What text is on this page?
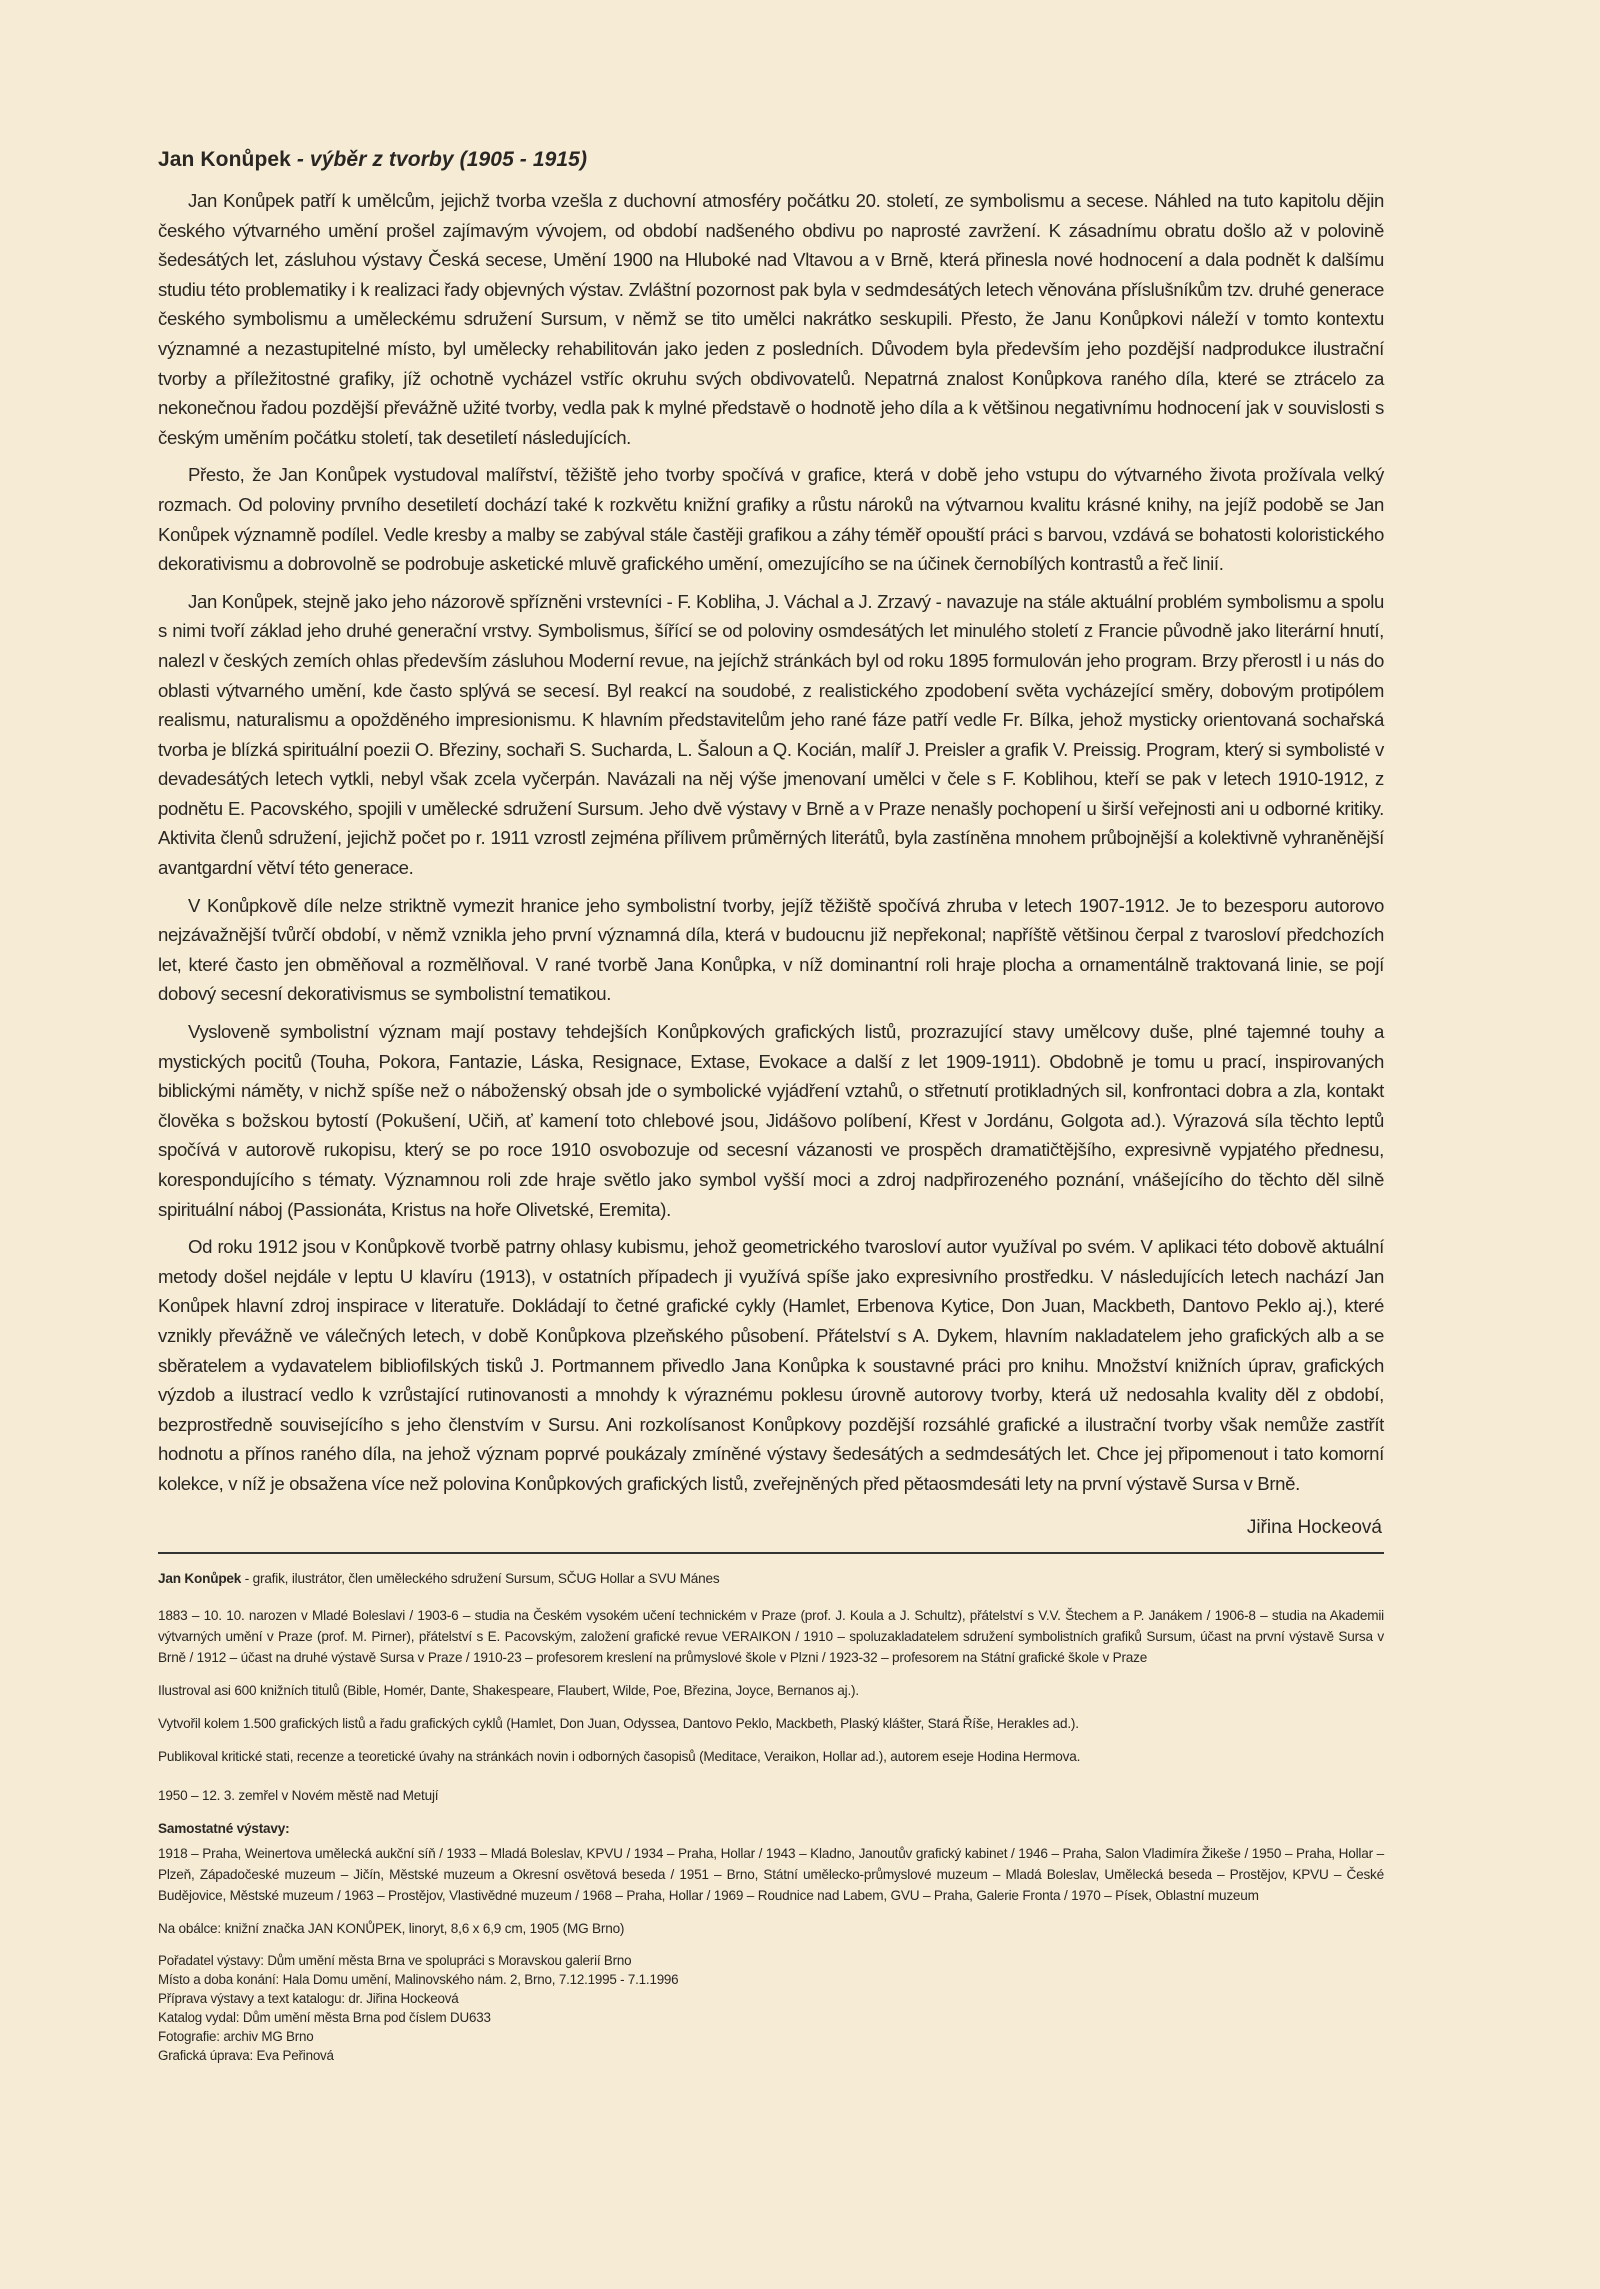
Jan Konůpek - výběr z tvorby (1905 - 1915)

Jan Konůpek patří k umělcům, jejichž tvorba vzešla z duchovní atmosféry počátku 20. století, ze symbolismu a secese. Náhled na tuto kapitolu dějin českého výtvarného umění prošel zajímavým vývojem, od období nadšeného obdivu po naprosté zavržení. K zásadnímu obratu došlo až v polovině šedesátých let, zásluhou výstavy Česká secese, Umění 1900 na Hluboké nad Vltavou a v Brně, která přinesla nové hodnocení a dala podnět k dalšímu studiu této problematiky i k realizaci řady objevných výstav. Zvláštní pozornost pak byla v sedmdesátých letech věnována příslušníkům tzv. druhé generace českého symbolismu a uměleckému sdružení Sursum, v němž se tito umělci nakrátko seskupili. Přesto, že Janu Konůpkovi náleží v tomto kontextu významné a nezastupitelné místo, byl umělecky rehabilitován jako jeden z posledních. Důvodem byla především jeho pozdější nadprodukce ilustrační tvorby a příležitostné grafiky, jíž ochotně vycházel vstříc okruhu svých obdivovatelů. Nepatrná znalost Konůpkova raného díla, které se ztrácelo za nekonečnou řadou pozdější převážně užité tvorby, vedla pak k mylné představě o hodnotě jeho díla a k většinou negativnímu hodnocení jak v souvislosti s českým uměním počátku století, tak desetiletí následujících.

Přesto, že Jan Konůpek vystudoval malířství, těžiště jeho tvorby spočívá v grafice, která v době jeho vstupu do výtvarného života prožívala velký rozmach. Od poloviny prvního desetiletí dochází také k rozkvětu knižní grafiky a růstu nároků na výtvarnou kvalitu krásné knihy, na jejíž podobě se Jan Konůpek významně podílel. Vedle kresby a malby se zabýval stále častěji grafikou a záhy téměř opouští práci s barvou, vzdává se bohatosti koloristického dekorativismu a dobrovolně se podrobuje asketické mluvě grafického umění, omezujícího se na účinek černobílých kontrastů a řeč linií.

Jan Konůpek, stejně jako jeho názorově spřízněni vrstevníci - F. Kobliha, J. Váchal a J. Zrzavý - navazuje na stále aktuální problém symbolismu a spolu s nimi tvoří základ jeho druhé generační vrstvy. Symbolismus, šířící se od poloviny osmdesátých let minulého století z Francie původně jako literární hnutí, nalezl v českých zemích ohlas především zásluhou Moderní revue, na jejíchž stránkách byl od roku 1895 formulován jeho program. Brzy přerostl i u nás do oblasti výtvarného umění, kde často splývá se secesí. Byl reakcí na soudobé, z realistického zpodobení světa vycházející směry, dobovým protipólem realismu, naturalismu a opožděného impresionismu. K hlavním představitelům jeho rané fáze patří vedle Fr. Bílka, jehož mysticky orientovaná sochařská tvorba je blízká spirituální poezii O. Březiny, sochaři S. Sucharda, L. Šaloun a Q. Kocián, malíř J. Preisler a grafik V. Preissig. Program, který si symbolisté v devadesátých letech vytkli, nebyl však zcela vyčerpán. Navázali na něj výše jmenovaní umělci v čele s F. Koblihou, kteří se pak v letech 1910-1912, z podnětu E. Pacovského, spojili v umělecké sdružení Sursum. Jeho dvě výstavy v Brně a v Praze nenašly pochopení u širší veřejnosti ani u odborné kritiky. Aktivita členů sdružení, jejichž počet po r. 1911 vzrostl zejména přílivem průměrných literátů, byla zastíněna mnohem průbojnější a kolektivně vyhraněnější avantgardní větví této generace.

V Konůpkově díle nelze striktně vymezit hranice jeho symbolistní tvorby, jejíž těžiště spočívá zhruba v letech 1907-1912. Je to bezesporu autorovo nejzávažnější tvůrčí období, v němž vznikla jeho první významná díla, která v budoucnu již nepřekonal; napříště většinou čerpal z tvarosloví předchozích let, které často jen obměňoval a rozmělňoval. V rané tvorbě Jana Konůpka, v níž dominantní roli hraje plocha a ornamentálně traktovaná linie, se pojí dobový secesní dekorativismus se symbolistní tematikou.

Vysloveně symbolistní význam mají postavy tehdejších Konůpkových grafických listů, prozrazující stavy umělcovy duše, plné tajemné touhy a mystických pocitů (Touha, Pokora, Fantazie, Láska, Resignace, Extase, Evokace a další z let 1909-1911). Obdobně je tomu u prací, inspirovaných biblickými náměty, v nichž spíše než o náboženský obsah jde o symbolické vyjádření vztahů, o střetnutí protikladných sil, konfrontaci dobra a zla, kontakt člověka s božskou bytostí (Pokušení, Učiň, ať kamení toto chlebové jsou, Jidášovo políbení, Křest v Jordánu, Golgota ad.). Výrazová síla těchto leptů spočívá v autorově rukopisu, který se po roce 1910 osvobozuje od secesní vázanosti ve prospěch dramatičtějšího, expresivně vypjatého přednesu, korespondujícího s tématy. Významnou roli zde hraje světlo jako symbol vyšší moci a zdroj nadpřirozeného poznání, vnášejícího do těchto děl silně spirituální náboj (Passionáta, Kristus na hoře Olivetské, Eremita).

Od roku 1912 jsou v Konůpkově tvorbě patrny ohlasy kubismu, jehož geometrického tvarosloví autor využíval po svém. V aplikaci této dobově aktuální metody došel nejdále v leptu U klavíru (1913), v ostatních případech ji využívá spíše jako expresivního prostředku. V následujících letech nachází Jan Konůpek hlavní zdroj inspirace v literatuře. Dokládají to četné grafické cykly (Hamlet, Erbenova Kytice, Don Juan, Mackbeth, Dantovo Peklo aj.), které vznikly převážně ve válečných letech, v době Konůpkova plzeňského působení. Přátelství s A. Dykem, hlavním nakladatelem jeho grafických alb a se sběratelem a vydavatelem bibliofilských tisků J. Portmannem přivedlo Jana Konůpka k soustavné práci pro knihu. Množství knižních úprav, grafických výzdob a ilustrací vedlo k vzrůstající rutinovanosti a mnohdy k výraznému poklesu úrovně autorovy tvorby, která už nedosahla kvality děl z období, bezprostředně souvisejícího s jeho členstvím v Sursu. Ani rozkolísanost Konůpkovy pozdější rozsáhlé grafické a ilustrační tvorby však nemůže zastřít hodnotu a přínos raného díla, na jehož význam poprvé poukázaly zmíněné výstavy šedesátých a sedmdesátých let. Chce jej připomenout i tato komorní kolekce, v níž je obsažena více než polovina Konůpkových grafických listů, zveřejněných před pětaosmdesáti lety na první výstavě Sursa v Brně.

Jiřina Hockeová
Jan Konůpek - grafik, ilustrátor, člen uměleckého sdružení Sursum, SČUG Hollar a SVU Mánes
1883 – 10. 10. narozen v Mladé Boleslavi / 1903-6 – studia na Českém vysokém učení technickém v Praze (prof. J. Koula a J. Schultz), přátelství s V.V. Štechem a P. Janákem / 1906-8 – studia na Akademii výtvarných umění v Praze (prof. M. Pirner), přátelství s E. Pacovským, založení grafické revue VERAIKON / 1910 – spoluzakladatelem sdružení symbolistních grafiků Sursum, účast na první výstavě Sursa v Brně / 1912 – účast na druhé výstavě Sursa v Praze / 1910-23 – profesorem kreslení na průmyslové škole v Plzni / 1923-32 – profesorem na Státní grafické škole v Praze
Ilustroval asi 600 knižních titulů (Bible, Homér, Dante, Shakespeare, Flaubert, Wilde, Poe, Březina, Joyce, Bernanos aj.).
Vytvořil kolem 1.500 grafických listů a řadu grafických cyklů (Hamlet, Don Juan, Odyssea, Dantovo Peklo, Mackbeth, Plaský klášter, Stará Říše, Herakles ad.).
Publikoval kritické stati, recenze a teoretické úvahy na stránkách novin i odborných časopisů (Meditace, Veraikon, Hollar ad.), autorem eseje Hodina Hermova.
1950 – 12. 3. zemřel v Novém městě nad Metují
Samostatné výstavy:
1918 – Praha, Weinertova umělecká aukční síň / 1933 – Mladá Boleslav, KPVU / 1934 – Praha, Hollar / 1943 – Kladno, Janoutův grafický kabinet / 1946 – Praha, Salon Vladimíra Žikeše / 1950 – Praha, Hollar – Plzeň, Západočeské muzeum – Jičín, Městské muzeum a Okresní osvětová beseda / 1951 – Brno, Státní umělecko-průmyslové muzeum – Mladá Boleslav, Umělecká beseda – Prostějov, KPVU – České Budějovice, Městské muzeum / 1963 – Prostějov, Vlastivědné muzeum / 1968 – Praha, Hollar / 1969 – Roudnice nad Labem, GVU – Praha, Galerie Fronta / 1970 – Písek, Oblastní muzeum
Na obálce: knižní značka JAN KONŮPEK, linoryt, 8,6 x 6,9 cm, 1905 (MG Brno)
Pořadatel výstavy: Dům umění města Brna ve spolupráci s Moravskou galerií Brno
Místo a doba konání: Hala Domu umění, Malinovského nám. 2, Brno, 7.12.1995 - 7.1.1996
Příprava výstavy a text katalogu: dr. Jiřina Hockeová
Katalog vydal: Dům umění města Brna pod číslem DU633
Fotografie: archiv MG Brno
Grafická úprava: Eva Peřinová
